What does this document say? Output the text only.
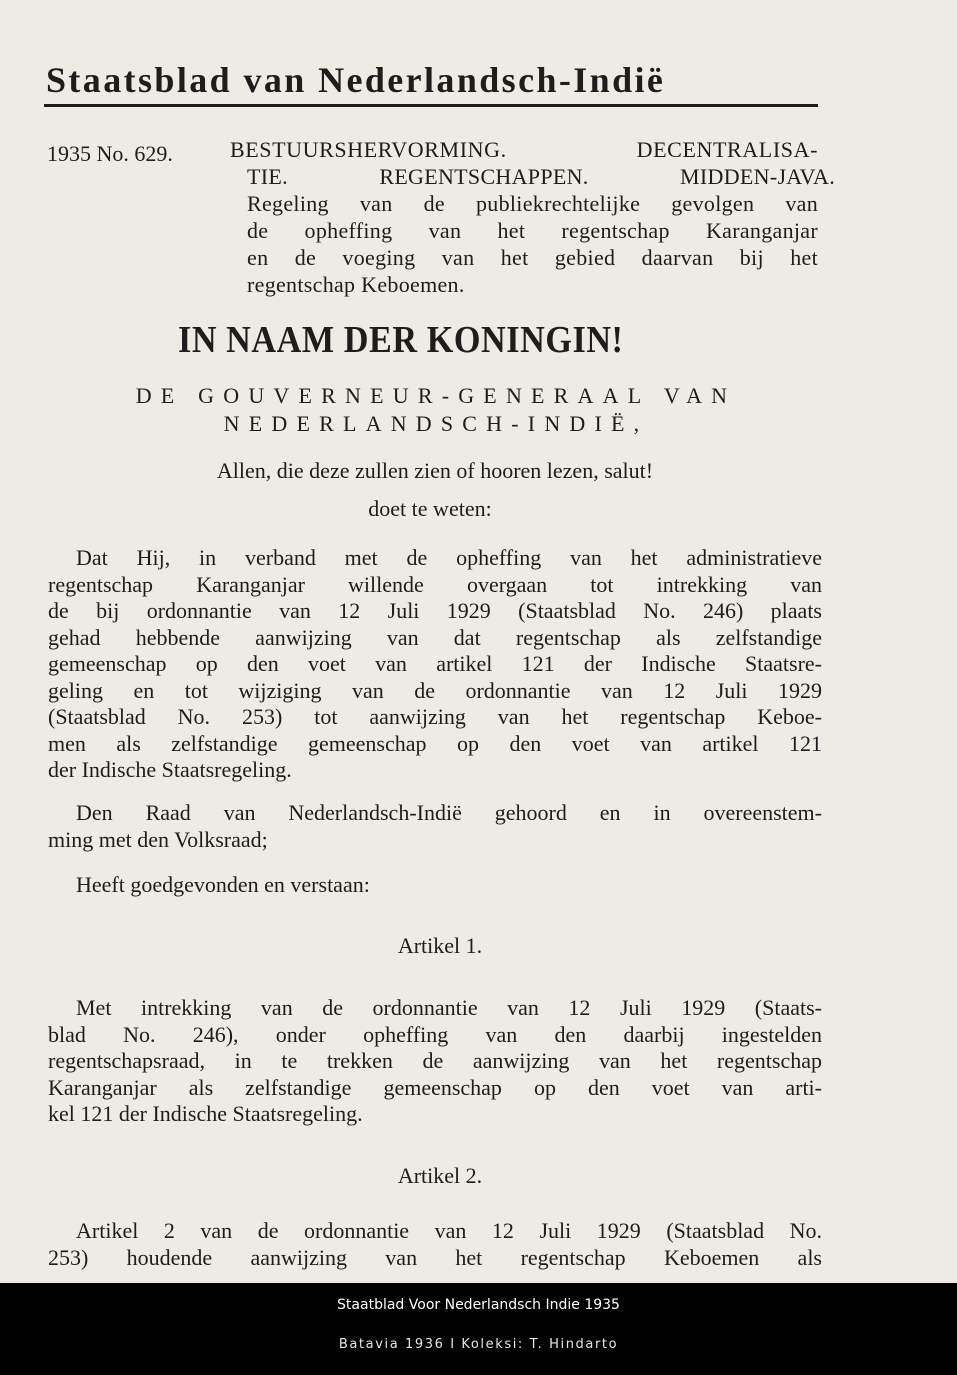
Staatsblad van Nederlandsch-Indië
1935 No. 629.	BESTUURSHERVORMING. DECENTRALISA-
TIE. REGENTSCHAPPEN. MIDDEN-JAVA.
Regeling van de publiekrechtelijke gevolgen van
de opheffing van het regentschap Karanganjar
en de voeging van het gebied daarvan bij het
regentschap Keboemen.
IN NAAM DER KONINGIN!
DE GOUVERNEUR-GENERAAL VAN
NEDERLANDSCH-INDIË,
Allen, die deze zullen zien of hooren lezen, salut!
doet te weten:
Dat Hij, in verband met de opheffing van het administratieve
regentschap Karanganjar willende overgaan tot intrekking van
de bij ordonnantie van 12 Juli 1929 (Staatsblad No. 246) plaats
gehad hebbende aanwijzing van dat regentschap als zelfstandige
gemeenschap op den voet van artikel 121 der Indische Staatsre-
geling en tot wijziging van de ordonnantie van 12 Juli 1929
(Staatsblad No. 253) tot aanwijzing van het regentschap Keboe-
men als zelfstandige gemeenschap op den voet van artikel 121
der Indische Staatsregeling.
Den Raad van Nederlandsch-Indië gehoord en in overeenstem-
ming met den Volksraad;
Heeft goedgevonden en verstaan:
Artikel 1.
Met intrekking van de ordonnantie van 12 Juli 1929 (Staats-
blad No. 246), onder opheffing van den daarbij ingestelden
regentschapsraad, in te trekken de aanwijzing van het regentschap
Karanganjar als zelfstandige gemeenschap op den voet van arti-
kel 121 der Indische Staatsregeling.
Artikel 2.
Artikel 2 van de ordonnantie van 12 Juli 1929 (Staatsblad No.
253) houdende aanwijzing van het regentschap Keboemen als
Staatblad Voor Nederlandsch Indie 1935
Batavia 1936 I Koleksi: T. Hindarto
